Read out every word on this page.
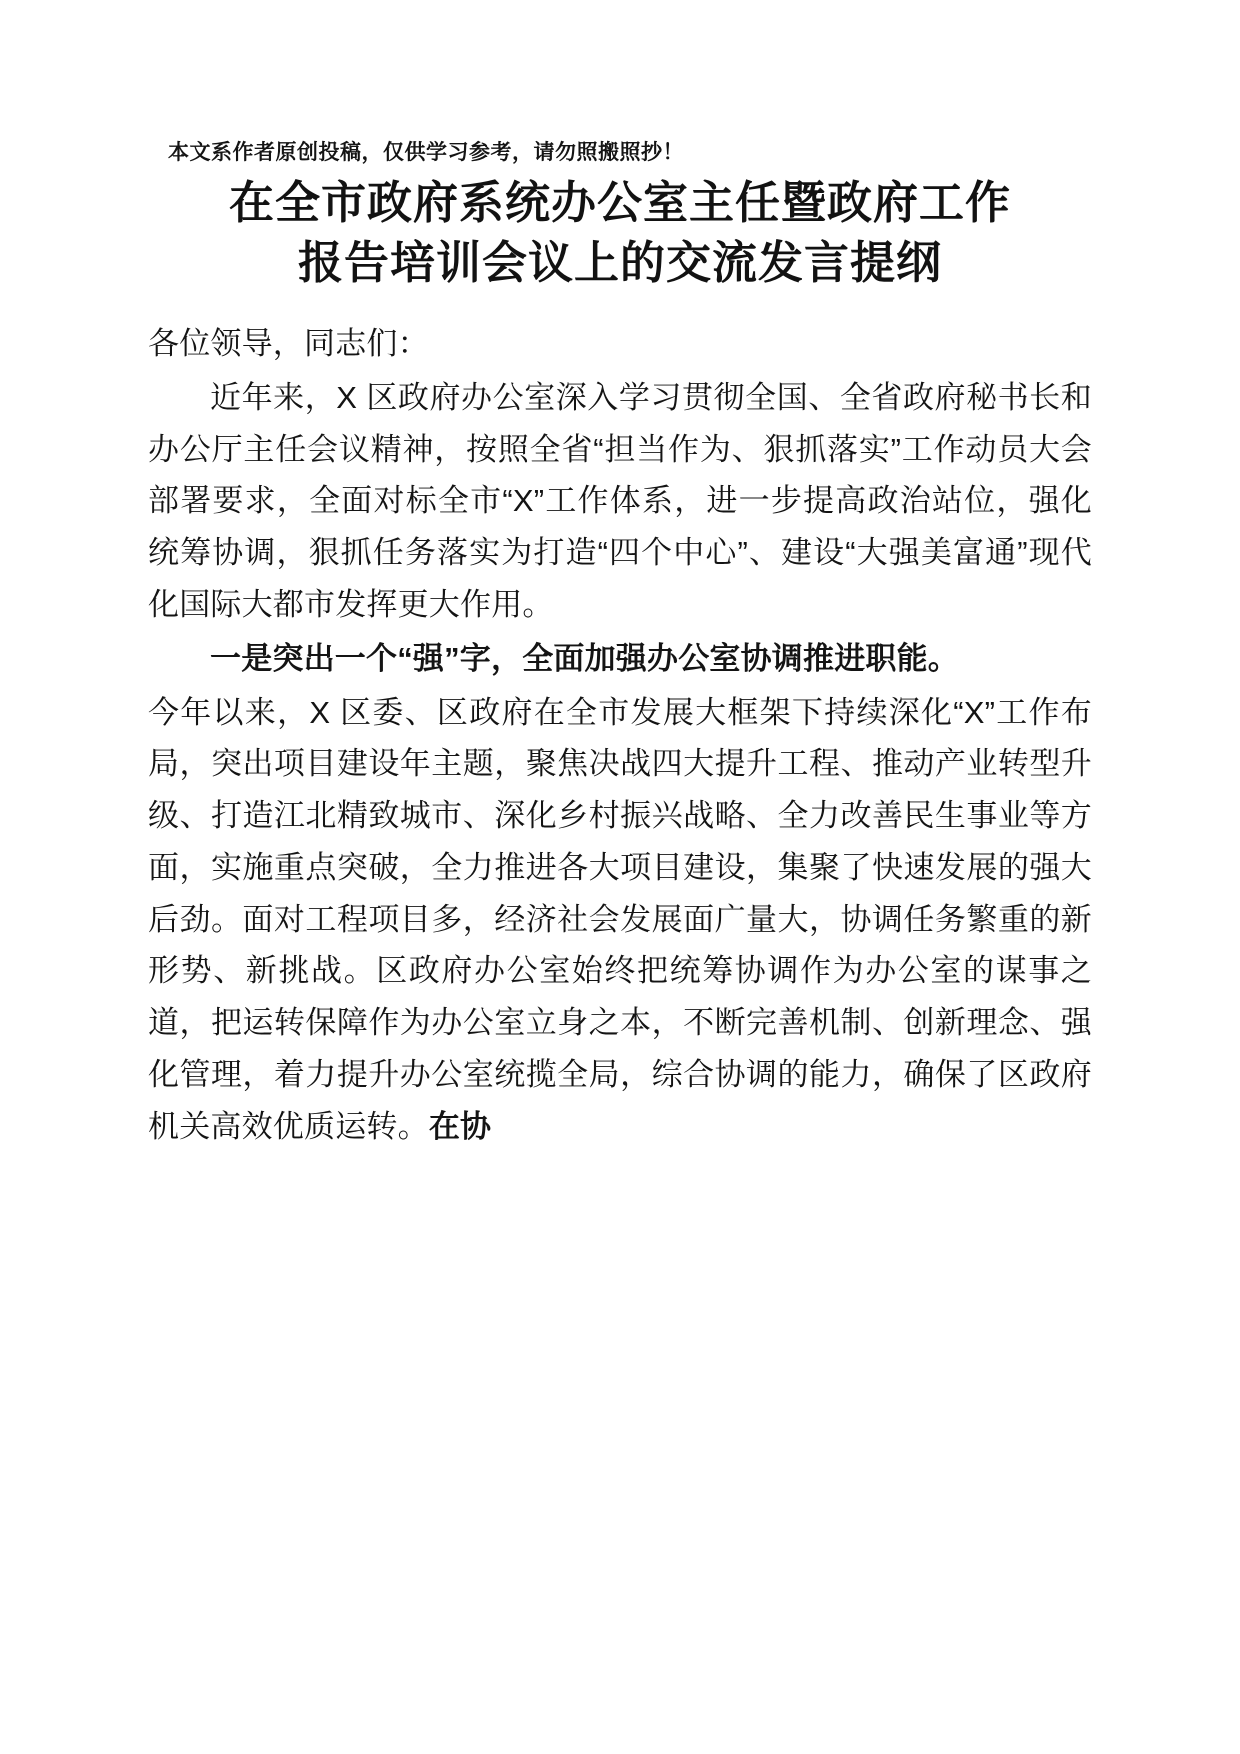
本文系作者原创投稿，仅供学习参考，请勿照搬照抄！
在全市政府系统办公室主任暨政府工作
报告培训会议上的交流发言提纲

各位领导，同志们：

近年来，X 区政府办公室深入学习贯彻全国、全省政府秘书长和办公厅主任会议精神，按照全省“担当作为、狠抓落实”工作动员大会部署要求，全面对标全市“X”工作体系，进一步提高政治站位，强化统筹协调，狠抓任务落实为打造“四个中心”、建设“大强美富通”现代化国际大都市发挥更大作用。

一是突出一个“强”字，全面加强办公室协调推进职能。

今年以来，X 区委、区政府在全市发展大框架下持续深化“X”工作布局，突出项目建设年主题，聚焦决战四大提升工程、推动产业转型升级、打造江北精致城市、深化乡村振兴战略、全力改善民生事业等方面，实施重点突破，全力推进各大项目建设，集聚了快速发展的强大后劲。面对工程项目多，经济社会发展面广量大，协调任务繁重的新形势、新挑战。区政府办公室始终把统筹协调作为办公室的谋事之道，把运转保障作为办公室立身之本，不断完善机制、创新理念、强化管理，着力提升办公室统揽全局，综合协调的能力，确保了区政府机关高效优质运转。在协
